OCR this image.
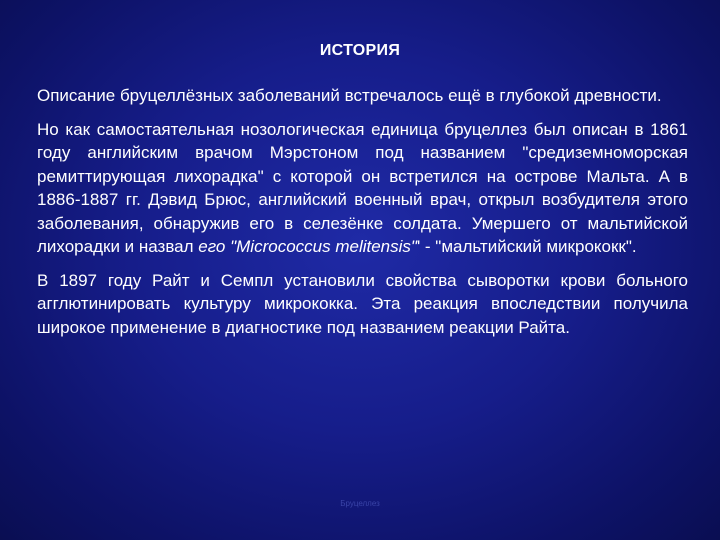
ИСТОРИЯ

Описание бруцеллёзных заболеваний встречалось ещё в глубокой древности.

Но как самостаятельная нозологическая единица бруцеллез был описан в 1861 году английским врачом Мэрстоном под названием "средиземноморская ремиттирующая лихорадка" с которой он встретился на острове Мальта. А в 1886-1887 гг. Дэвид Брюс, английский военный врач, открыл возбудителя этого заболевания, обнаружив его в селезёнке солдата. Умершего от мальтийской лихорадки и назвал его "Micrococcus melitensis"' - "мальтийский микрококк".

В 1897 году Райт и Семпл установили свойства сыворотки крови больного агглютинировать культуру микрококка. Эта реакция впоследствии получила широкое применение в диагностике под названием реакции Райта.

Бруцеллез
